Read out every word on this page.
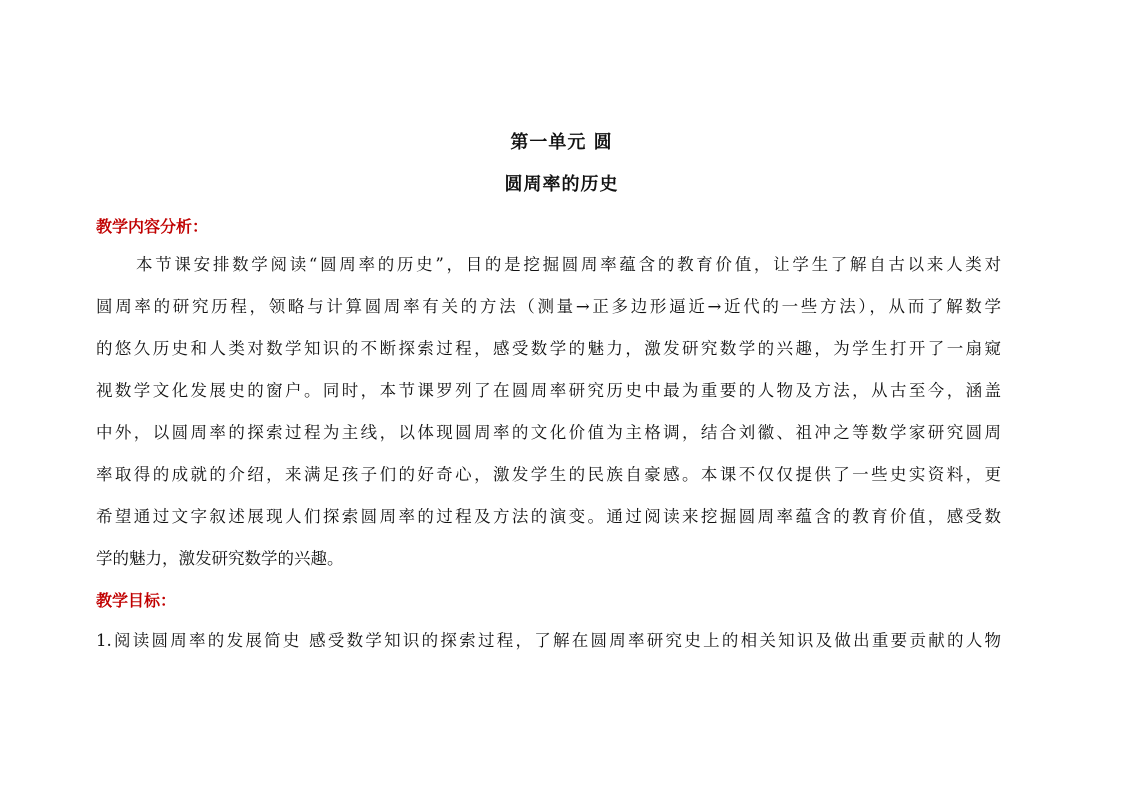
第一单元 圆
圆周率的历史
教学内容分析：
本节课安排数学阅读“圆周率的历史”，目的是挖掘圆周率蕴含的教育价值，让学生了解自古以来人类对
圆周率的研究历程，领略与计算圆周率有关的方法（测量→正多边形逼近→近代的一些方法），从而了解数学
的悠久历史和人类对数学知识的不断探索过程，感受数学的魅力，激发研究数学的兴趣，为学生打开了一扇窥
视数学文化发展史的窗户。同时，本节课罗列了在圆周率研究历史中最为重要的人物及方法，从古至今，涵盖
中外，以圆周率的探索过程为主线，以体现圆周率的文化价值为主格调，结合刘徽、祖冲之等数学家研究圆周
率取得的成就的介绍，来满足孩子们的好奇心，激发学生的民族自豪感。本课不仅仅提供了一些史实资料，更
希望通过文字叙述展现人们探索圆周率的过程及方法的演变。通过阅读来挖掘圆周率蕴含的教育价值，感受数
学的魅力，激发研究数学的兴趣。
教学目标：
1.阅读圆周率的发展简史 感受数学知识的探索过程，了解在圆周率研究史上的相关知识及做出重要贡献的人物
